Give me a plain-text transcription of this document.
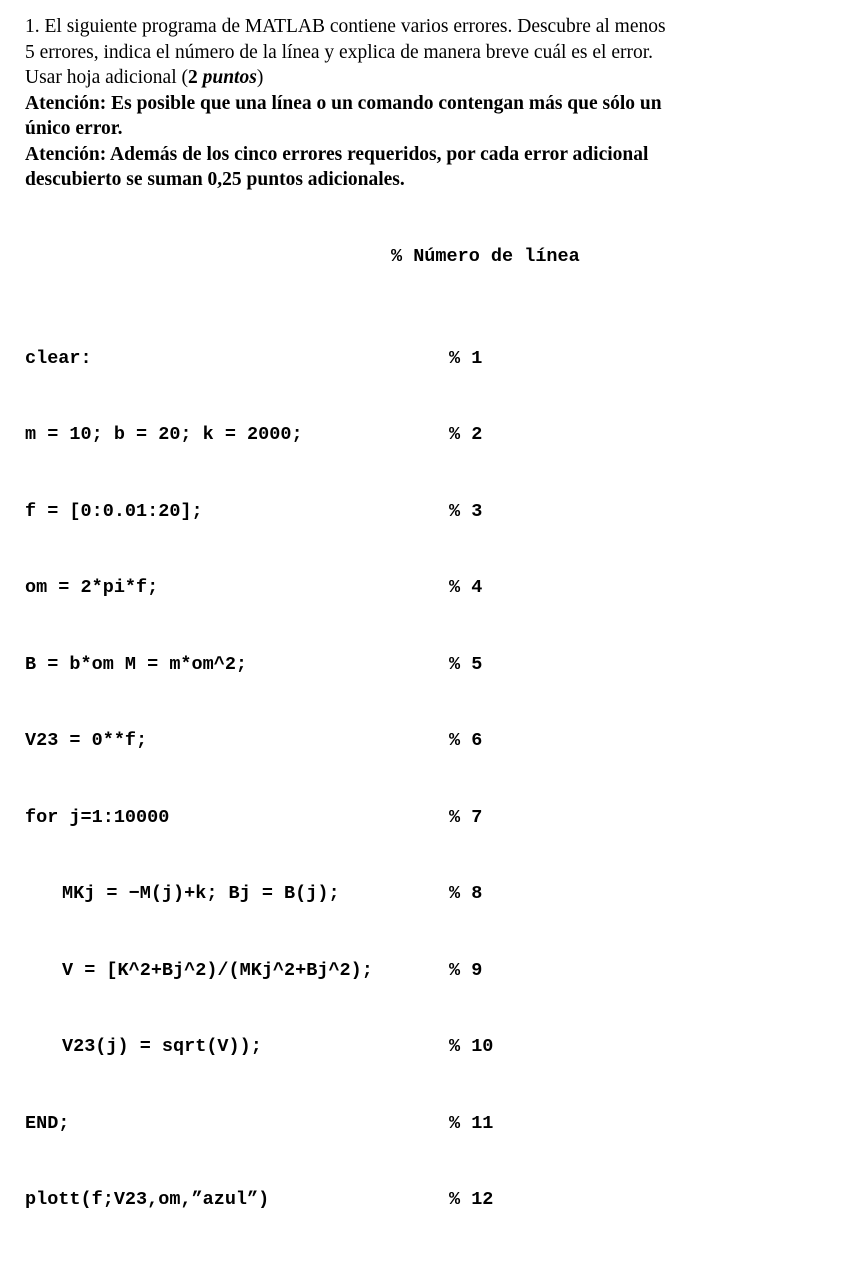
1. El siguiente programa de MATLAB contiene varios errores. Descubre al menos

5 errores, indica el número de la línea y explica de manera breve cuál es el error.

Usar hoja adicional (2 puntos)

Atención: Es posible que una línea o un comando contengan más que sólo un

único error.

Atención: Además de los cinco errores requeridos, por cada error adicional

descubierto se suman 0,25 puntos adicionales.

% Número de línea

clear:	% 1

m = 10; b = 20; k = 2000;	% 2

f = [0:0.01:20];	% 3

om = 2*pi*f;	% 4

B = b*om M = m*om^2;	% 5

V23 = 0**f;	% 6

for j=1:10000	% 7

MKj = −M(j)+k; Bj = B(j);	% 8

V = [K^2+Bj^2)/(MKj^2+Bj^2);	% 9

V23(j) = sqrt(V));	% 10

END;	% 11

plott(f;V23,om,”azul”)	% 12
